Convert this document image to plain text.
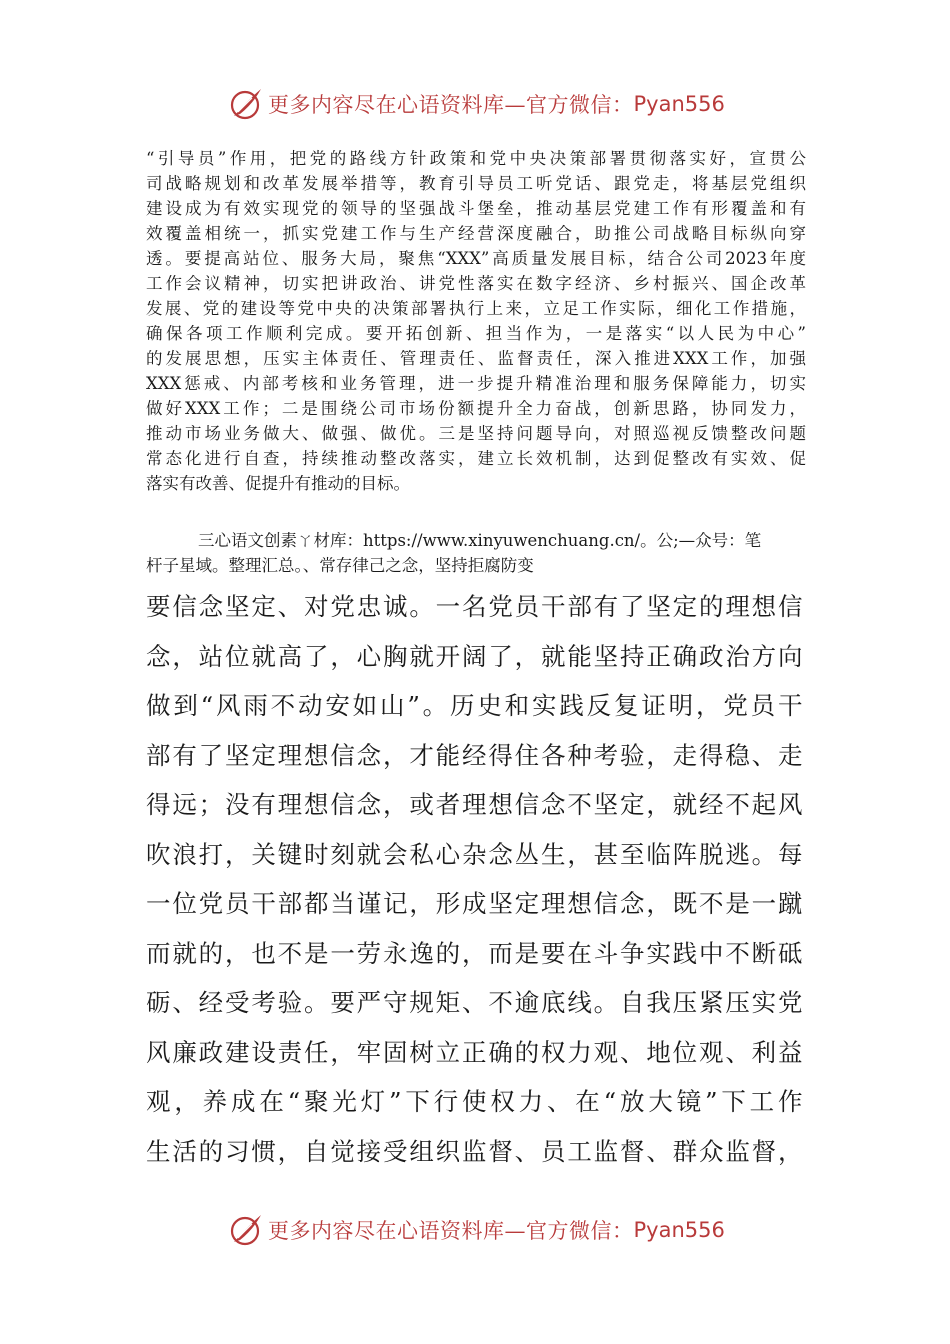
更多内容尽在心语资料库—官方微信： Pyan556
“引导员”作用，把党的路线方针政策和党中央决策部署贯彻落实好，宣贯公
司战略规划和改革发展举措等，教育引导员工听党话、跟党走，将基层党组织
建设成为有效实现党的领导的坚强战斗堡垒，推动基层党建工作有形覆盖和有
效覆盖相统一，抓实党建工作与生产经营深度融合，助推公司战略目标纵向穿
透。要提高站位、服务大局，聚焦“XXX”高质量发展目标，结合公司2023年度
工作会议精神，切实把讲政治、讲党性落实在数字经济、乡村振兴、国企改革
发展、党的建设等党中央的决策部署执行上来，立足工作实际，细化工作措施，
确保各项工作顺利完成。要开拓创新、担当作为，一是落实“以人民为中心”
的发展思想，压实主体责任、管理责任、监督责任，深入推进XXX工作，加强
XXX惩戒、内部考核和业务管理，进一步提升精准治理和服务保障能力，切实
做好XXX工作；二是围绕公司市场份额提升全力奋战，创新思路，协同发力，
推动市场业务做大、做强、做优。三是坚持问题导向，对照巡视反馈整改问题
常态化进行自查，持续推动整改落实，建立长效机制，达到促整改有实效、促
落实有改善、促提升有推动的目标。
三心语文创素ㄚ材库：https://www.xinyuwenchuang.cn/。公;—众号：笔
杆子星域。整理汇总。、常存律己之念，坚持拒腐防变
要信念坚定、对党忠诚。一名党员干部有了坚定的理想信
念，站位就高了，心胸就开阔了，就能坚持正确政治方向
做到“风雨不动安如山”。历史和实践反复证明，党员干
部有了坚定理想信念，才能经得住各种考验，走得稳、走
得远；没有理想信念，或者理想信念不坚定，就经不起风
吹浪打，关键时刻就会私心杂念丛生，甚至临阵脱逃。每
一位党员干部都当谨记，形成坚定理想信念，既不是一蹴
而就的，也不是一劳永逸的，而是要在斗争实践中不断砥
砺、经受考验。要严守规矩、不逾底线。自我压紧压实党
风廉政建设责任，牢固树立正确的权力观、地位观、利益
观，养成在“聚光灯”下行使权力、在“放大镜”下工作
生活的习惯，自觉接受组织监督、员工监督、群众监督，
更多内容尽在心语资料库—官方微信： Pyan556
